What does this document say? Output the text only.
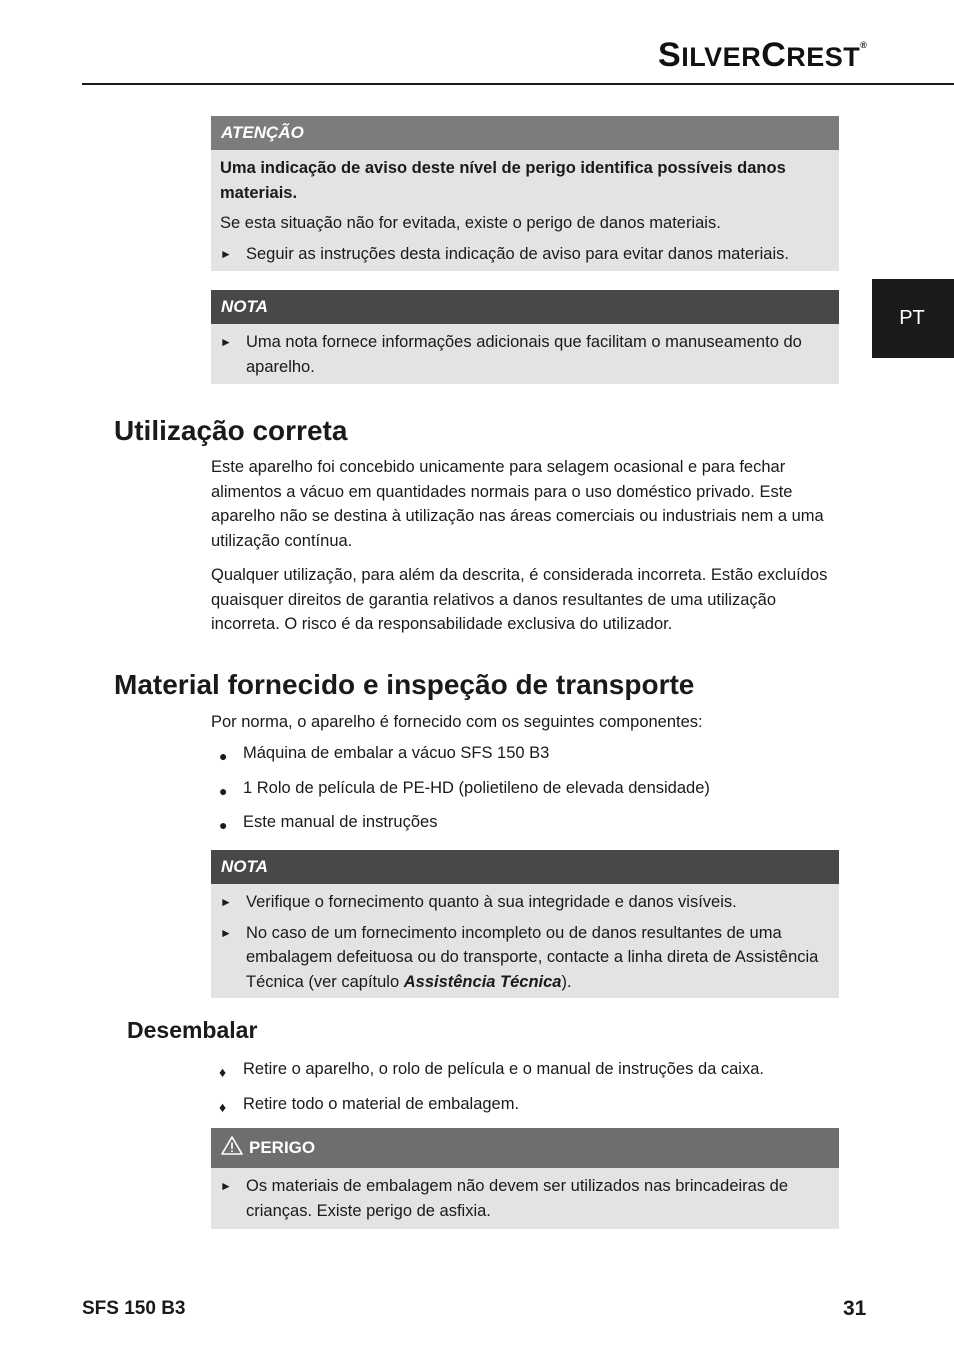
SILVERCREST®
PT
ATENÇÃO

Uma indicação de aviso deste nível de perigo identifica possíveis danos materiais.

Se esta situação não for evitada, existe o perigo de danos materiais.

► Seguir as instruções desta indicação de aviso para evitar danos materiais.
NOTA
► Uma nota fornece informações adicionais que facilitam o manuseamento do aparelho.
Utilização correta

Este aparelho foi concebido unicamente para selagem ocasional e para fechar alimentos a vácuo em quantidades normais para o uso doméstico privado. Este aparelho não se destina à utilização nas áreas comerciais ou industriais nem a uma utilização contínua.

Qualquer utilização, para além da descrita, é considerada incorreta. Estão excluídos quaisquer direitos de garantia relativos a danos resultantes de uma utilização incorreta. O risco é da responsabilidade exclusiva do utilizador.

Material fornecido e inspeção de transporte

Por norma, o aparelho é fornecido com os seguintes componentes:

● Máquina de embalar a vácuo SFS 150 B3
● 1 Rolo de película de PE-HD (polietileno de elevada densidade)
● Este manual de instruções
NOTA
► Verifique o fornecimento quanto à sua integridade e danos visíveis.
► No caso de um fornecimento incompleto ou de danos resultantes de uma embalagem defeituosa ou do transporte, contacte a linha direta de Assistência Técnica (ver capítulo Assistência Técnica).
Desembalar
♦	Retire o aparelho, o rolo de película e o manual de instruções da caixa.
♦	Retire todo o material de embalagem.
PERIGO
► Os materiais de embalagem não devem ser utilizados nas brincadeiras de crianças. Existe perigo de asfixia.
SFS 150 B3	31
